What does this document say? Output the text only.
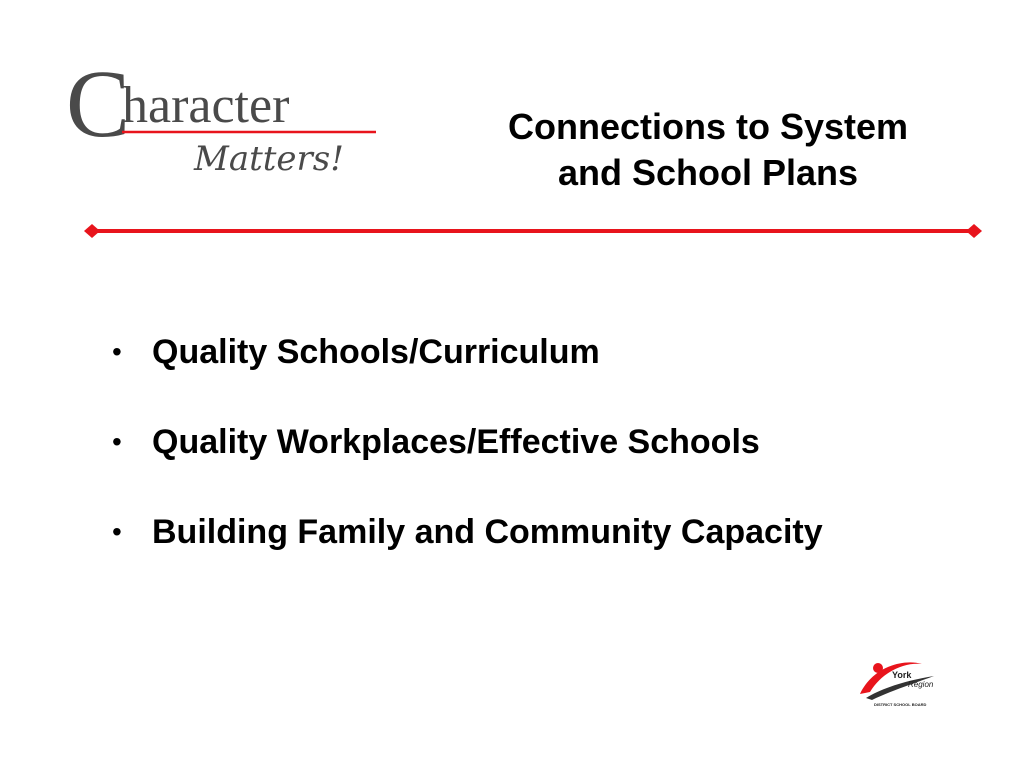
C
haracter
Matters!
Connections to System
and School Plans
• Quality Schools/Curriculum
• Quality Workplaces/Effective Schools
• Building Family and Community Capacity
York
Region
DISTRICT SCHOOL BOARD
